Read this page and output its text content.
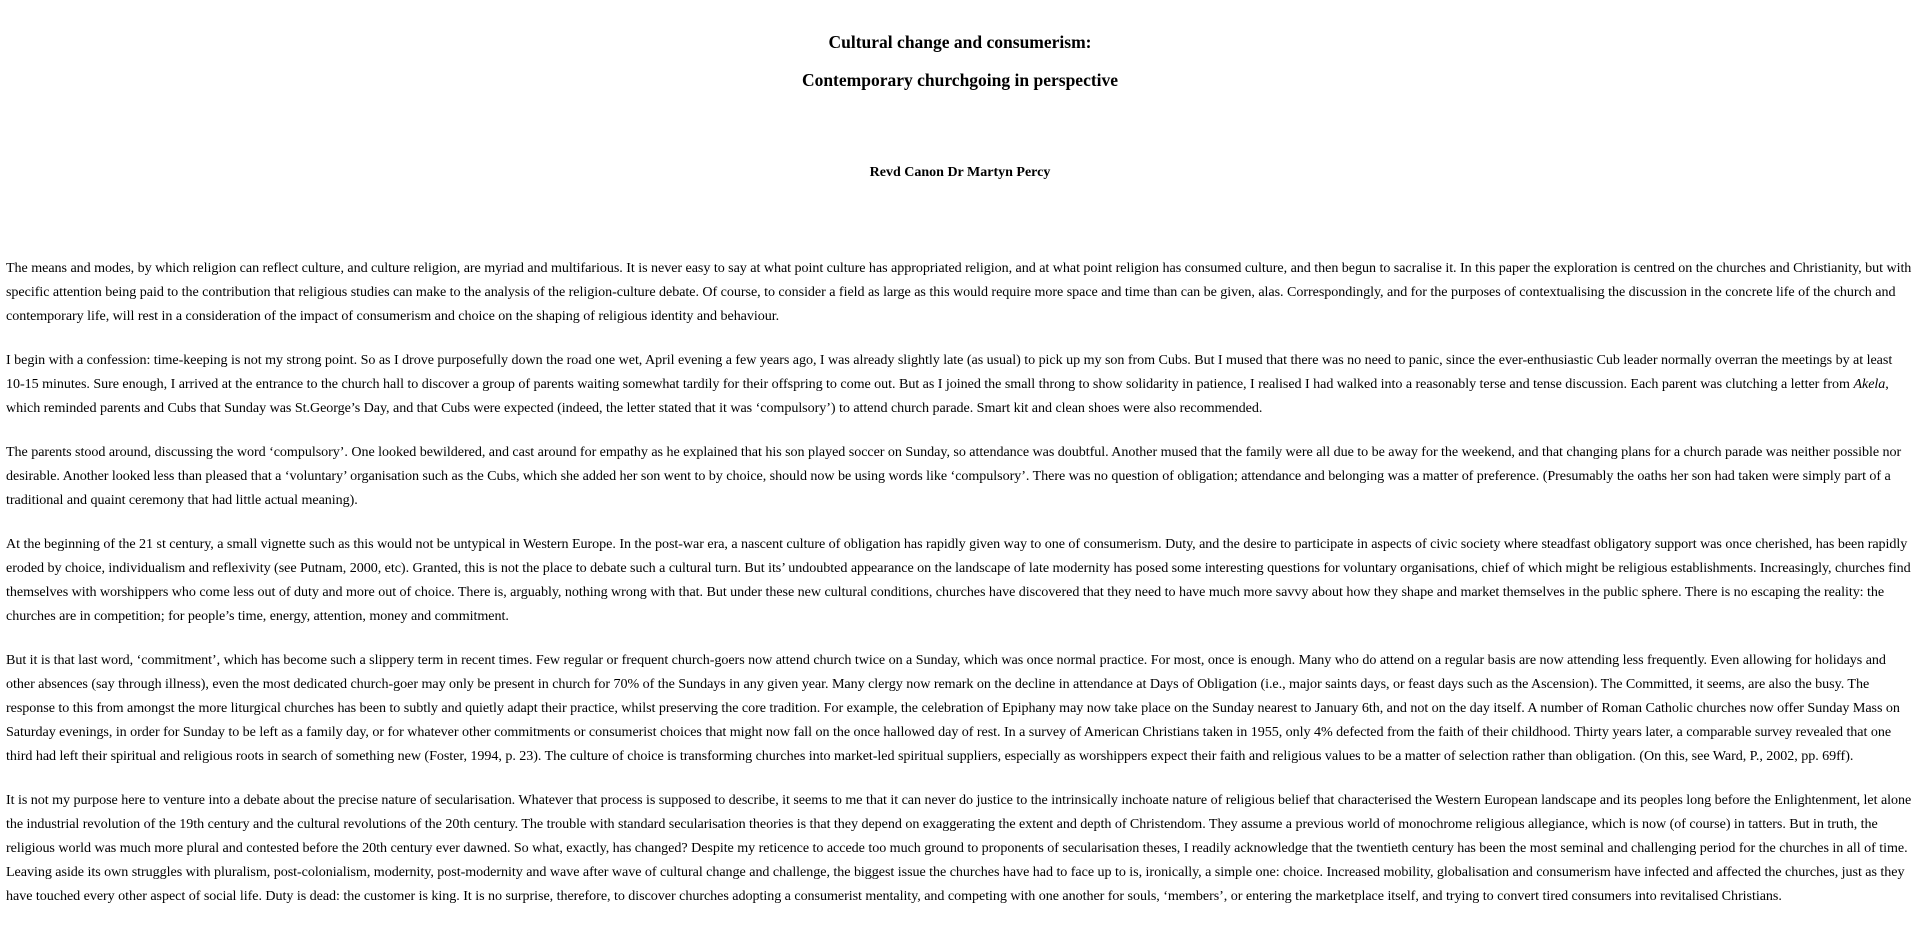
Cultural change and consumerism:
Contemporary churchgoing in perspective

Revd Canon Dr Martyn Percy

The means and modes, by which religion can reflect culture, and culture religion, are myriad and multifarious. It is never easy to say at what point culture has appropriated religion, and at what point religion has consumed culture, and then begun to sacralise it. In this paper the exploration is centred on the churches and Christianity, but with specific attention being paid to the contribution that religious studies can make to the analysis of the religion-culture debate. Of course, to consider a field as large as this would require more space and time than can be given, alas. Correspondingly, and for the purposes of contextualising the discussion in the concrete life of the church and contemporary life, will rest in a consideration of the impact of consumerism and choice on the shaping of religious identity and behaviour.

I begin with a confession: time-keeping is not my strong point. So as I drove purposefully down the road one wet, April evening a few years ago, I was already slightly late (as usual) to pick up my son from Cubs. But I mused that there was no need to panic, since the ever-enthusiastic Cub leader normally overran the meetings by at least 10-15 minutes. Sure enough, I arrived at the entrance to the church hall to discover a group of parents waiting somewhat tardily for their offspring to come out. But as I joined the small throng to show solidarity in patience, I realised I had walked into a reasonably terse and tense discussion. Each parent was clutching a letter from Akela, which reminded parents and Cubs that Sunday was St.George’s Day, and that Cubs were expected (indeed, the letter stated that it was ‘compulsory’) to attend church parade. Smart kit and clean shoes were also recommended.

The parents stood around, discussing the word ‘compulsory’. One looked bewildered, and cast around for empathy as he explained that his son played soccer on Sunday, so attendance was doubtful. Another mused that the family were all due to be away for the weekend, and that changing plans for a church parade was neither possible nor desirable. Another looked less than pleased that a ‘voluntary’ organisation such as the Cubs, which she added her son went to by choice, should now be using words like ‘compulsory’. There was no question of obligation; attendance and belonging was a matter of preference. (Presumably the oaths her son had taken were simply part of a traditional and quaint ceremony that had little actual meaning).

At the beginning of the 21 st century, a small vignette such as this would not be untypical in Western Europe. In the post-war era, a nascent culture of obligation has rapidly given way to one of consumerism. Duty, and the desire to participate in aspects of civic society where steadfast obligatory support was once cherished, has been rapidly eroded by choice, individualism and reflexivity (see Putnam, 2000, etc). Granted, this is not the place to debate such a cultural turn. But its’ undoubted appearance on the landscape of late modernity has posed some interesting questions for voluntary organisations, chief of which might be religious establishments. Increasingly, churches find themselves with worshippers who come less out of duty and more out of choice. There is, arguably, nothing wrong with that. But under these new cultural conditions, churches have discovered that they need to have much more savvy about how they shape and market themselves in the public sphere. There is no escaping the reality: the churches are in competition; for people’s time, energy, attention, money and commitment.

But it is that last word, ‘commitment’, which has become such a slippery term in recent times. Few regular or frequent church-goers now attend church twice on a Sunday, which was once normal practice. For most, once is enough. Many who do attend on a regular basis are now attending less frequently. Even allowing for holidays and other absences (say through illness), even the most dedicated church-goer may only be present in church for 70% of the Sundays in any given year. Many clergy now remark on the decline in attendance at Days of Obligation (i.e., major saints days, or feast days such as the Ascension). The Committed, it seems, are also the busy. The response to this from amongst the more liturgical churches has been to subtly and quietly adapt their practice, whilst preserving the core tradition. For example, the celebration of Epiphany may now take place on the Sunday nearest to January 6th, and not on the day itself. A number of Roman Catholic churches now offer Sunday Mass on Saturday evenings, in order for Sunday to be left as a family day, or for whatever other commitments or consumerist choices that might now fall on the once hallowed day of rest. In a survey of American Christians taken in 1955, only 4% defected from the faith of their childhood. Thirty years later, a comparable survey revealed that one third had left their spiritual and religious roots in search of something new (Foster, 1994, p. 23). The culture of choice is transforming churches into market-led spiritual suppliers, especially as worshippers expect their faith and religious values to be a matter of selection rather than obligation. (On this, see Ward, P., 2002, pp. 69ff).

It is not my purpose here to venture into a debate about the precise nature of secularisation. Whatever that process is supposed to describe, it seems to me that it can never do justice to the intrinsically inchoate nature of religious belief that characterised the Western European landscape and its peoples long before the Enlightenment, let alone the industrial revolution of the 19th century and the cultural revolutions of the 20th century. The trouble with standard secularisation theories is that they depend on exaggerating the extent and depth of Christendom. They assume a previous world of monochrome religious allegiance, which is now (of course) in tatters. But in truth, the religious world was much more plural and contested before the 20th century ever dawned. So what, exactly, has changed? Despite my reticence to accede too much ground to proponents of secularisation theses, I readily acknowledge that the twentieth century has been the most seminal and challenging period for the churches in all of time. Leaving aside its own struggles with pluralism, post-colonialism, modernity, post-modernity and wave after wave of cultural change and challenge, the biggest issue the churches have had to face up to is, ironically, a simple one: choice. Increased mobility, globalisation and consumerism have infected and affected the churches, just as they have touched every other aspect of social life. Duty is dead: the customer is king. It is no surprise, therefore, to discover churches adopting a consumerist mentality, and competing with one another for souls, ‘members’, or entering the marketplace itself, and trying to convert tired consumers into revitalised Christians.
